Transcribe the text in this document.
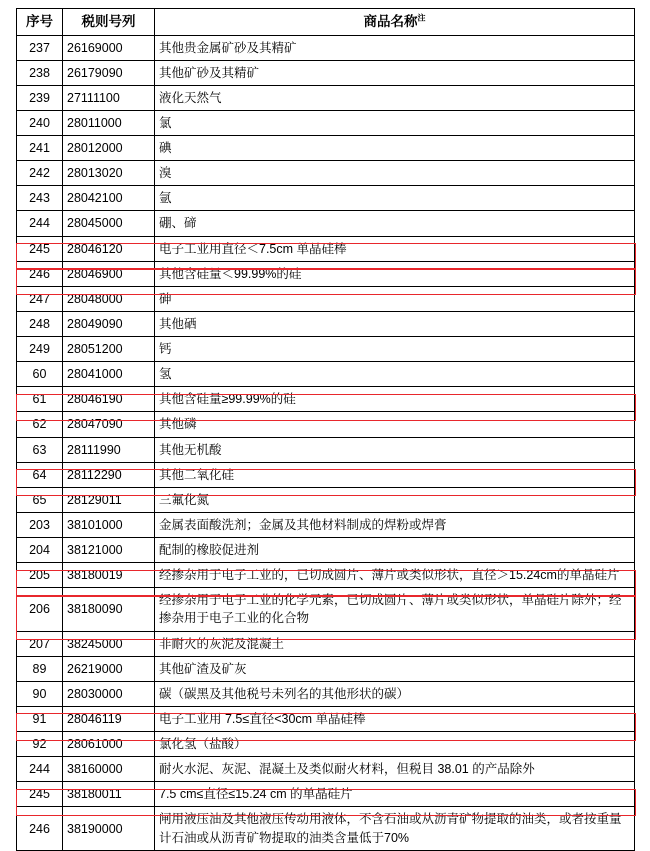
序号	税则号列	商品名称$^注$
237	26169000	其他贵金属矿砂及其精矿
238	26179090	其他矿砂及其精矿
239	27111100	液化天然气
240	28011000	氯
241	28012000	碘
242	28013020	溴
243	28042100	氩
244	28045000	硼、碲
245	28046120	电子工业用直径＜7.5cm 单晶硅棒
246	28046900	其他含硅量＜99.99%的硅
247	28048000	砷
248	28049090	其他硒
249	28051200	钙
60	28041000	氢
61	28046190	其他含硅量≥99.99%的硅
62	28047090	其他磷
63	28111990	其他无机酸
64	28112290	其他二氧化硅
65	28129011	三氟化氮
203	38101000	金属表面酸洗剂；金属及其他材料制成的焊粉或焊膏
204	38121000	配制的橡胶促进剂
205	38180019	经掺杂用于电子工业的，已切成圆片、薄片或类似形状，直径＞15.24cm的单晶硅片
206	38180090	经掺杂用于电子工业的化学元素，已切成圆片、薄片或类似形状，单晶硅片除外；经掺杂用于电子工业的化合物
207	38245000	非耐火的灰泥及混凝土
89	26219000	其他矿渣及矿灰
90	28030000	碳（碳黑及其他税号未列名的其他形状的碳）
91	28046119	电子工业用 7.5≤直径<30cm 单晶硅棒
92	28061000	氯化氢（盐酸）
244	38160000	耐火水泥、灰泥、混凝土及类似耐火材料，但税目 38.01 的产品除外
245	38180011	7.5 cm≤直径≤15.24 cm 的单晶硅片
246	38190000	闸用液压油及其他液压传动用液体，不含石油或从沥青矿物提取的油类，或者按重量计石油或从沥青矿物提取的油类含量低于70%
